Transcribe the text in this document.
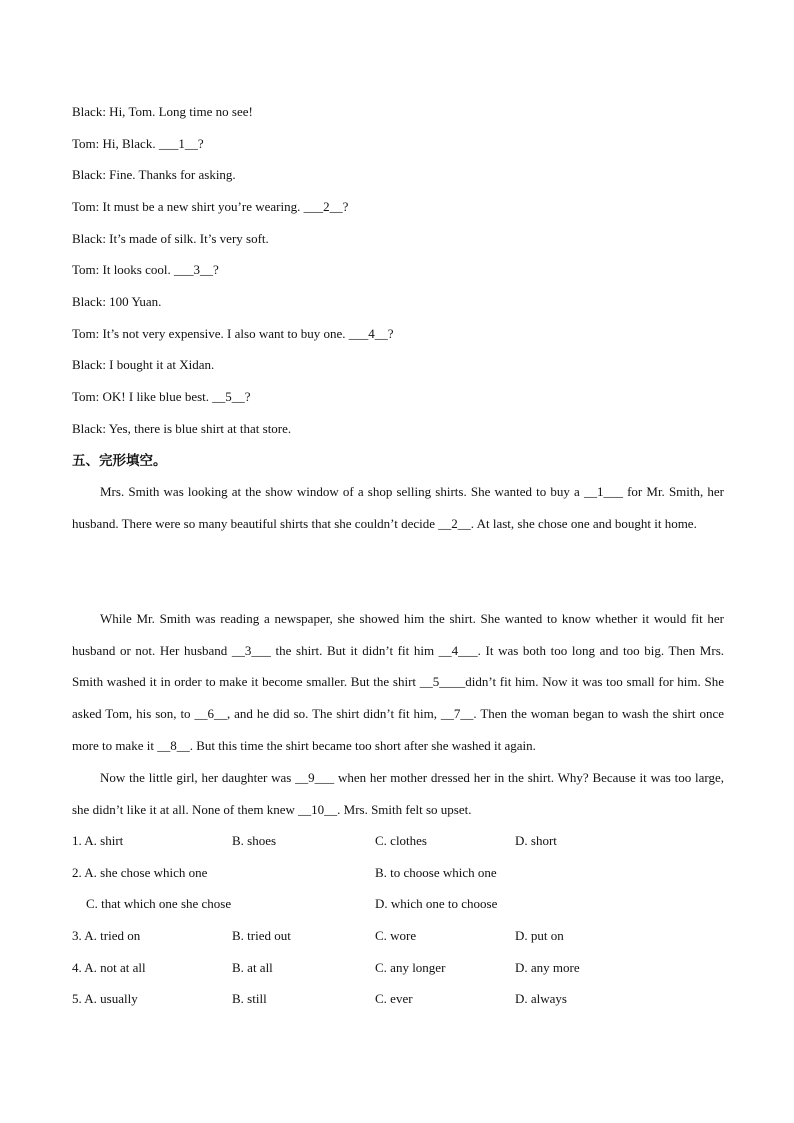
Black: Hi, Tom. Long time no see!
Tom: Hi, Black. ___1__?
Black: Fine. Thanks for asking.
Tom: It must be a new shirt you’re wearing. ___2__?
Black: It’s made of silk. It’s very soft.
Tom: It looks cool. ___3__?
Black: 100 Yuan.
Tom: It’s not very expensive. I also want to buy one. ___4__?
Black: I bought it at Xidan.
Tom: OK! I like blue best. __5__?
Black: Yes, there is blue shirt at that store.
五、完形填空。
Mrs. Smith was looking at the show window of a shop selling shirts. She wanted to buy a __1___ for Mr. Smith, her husband. There were so many beautiful shirts that she couldn’t decide __2__. At last, she chose one and bought it home.
While Mr. Smith was reading a newspaper, she showed him the shirt. She wanted to know whether it would fit her husband or not. Her husband __3___ the shirt. But it didn’t fit him __4___. It was both too long and too big. Then Mrs. Smith washed it in order to make it become smaller. But the shirt __5____didn’t fit him. Now it was too small for him. She asked Tom, his son, to __6__, and he did so. The shirt didn’t fit him, __7__. Then the woman began to wash the shirt once more to make it __8__. But this time the shirt became too short after she washed it again.
Now the little girl, her daughter was __9___ when her mother dressed her in the shirt. Why? Because it was too large, she didn’t like it at all. None of them knew __10__. Mrs. Smith felt so upset.
1. A. shirt	B. shoes	C. clothes	D. short
2. A. she chose which one	B. to choose which one
C. that which one she chose	D. which one to choose
3. A. tried on	B. tried out	C. wore	D. put on
4. A. not at all	B. at all	C. any longer	D. any more
5. A. usually	B. still	C. ever	D. always
